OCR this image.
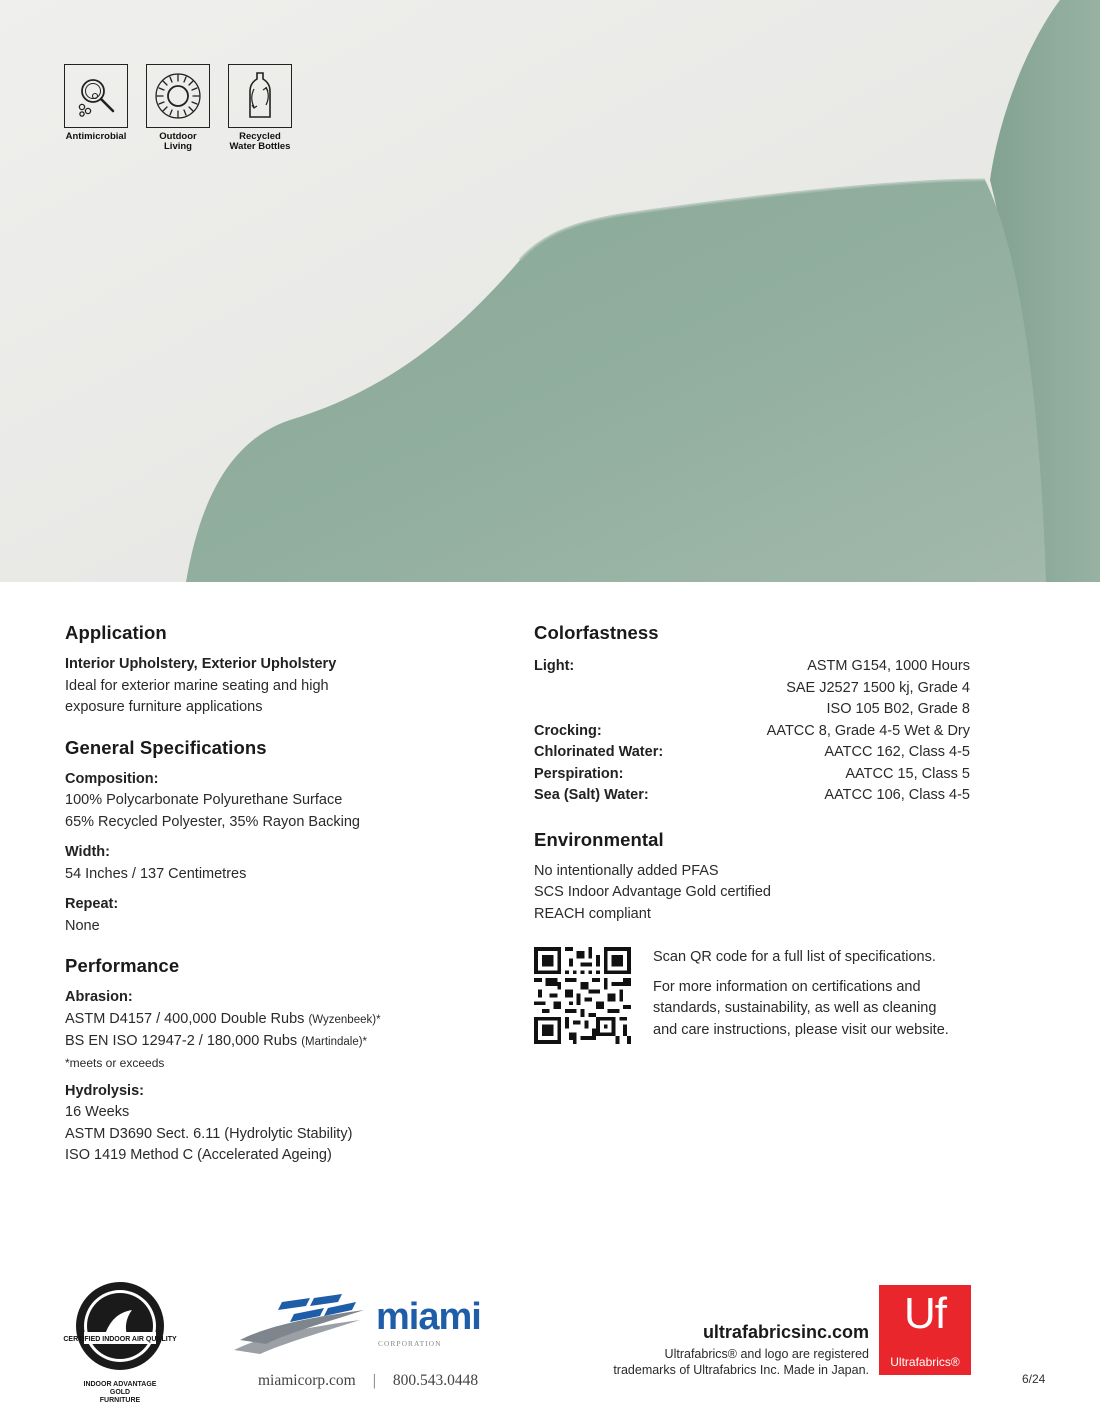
Antimicrobial	Outdoor
Living
Recycled
Water Bottles
Application
Interior Upholstery, Exterior Upholstery
Ideal for exterior marine seating and high
exposure furniture applications
General Specifications
Composition:
100% Polycarbonate Polyurethane Surface
65% Recycled Polyester, 35% Rayon Backing
Width:
54 Inches / 137 Centimetres
Repeat:
None
Performance
Abrasion:
ASTM D4157 / 400,000 Double Rubs (Wyzenbeek)*
BS EN ISO 12947-2 / 180,000 Rubs (Martindale)*
*meets or exceeds
Hydrolysis:
16 Weeks
ASTM D3690 Sect. 6.11 (Hydrolytic Stability)
ISO 1419 Method C (Accelerated Ageing)
Colorfastness
Light:	ASTM G154, 1000 Hours
SAE J2527 1500 kj, Grade 4
ISO 105 B02, Grade 8
Crocking:	AATCC 8, Grade 4-5 Wet & Dry
Chlorinated Water:	AATCC 162, Class 4-5
Perspiration:	AATCC 15, Class 5
Sea (Salt) Water:	AATCC 106, Class 4-5
Environmental
No intentionally added PFAS
SCS Indoor Advantage Gold certified
REACH compliant
Scan QR code for a full list of specifications.
For more information on certifications and
standards, sustainability, as well as cleaning
and care instructions, please visit our website.
CERTIFIED INDOOR AIR QUALITY
INDOOR ADVANTAGE GOLD
FURNITURE
miami
CORPORATION
miamicorp.com | 800.543.0448
ultrafabricsinc.com
Ultrafabrics® and logo are registered
trademarks of Ultrafabrics Inc. Made in Japan.
Uf
Ultrafabrics®
6/24
